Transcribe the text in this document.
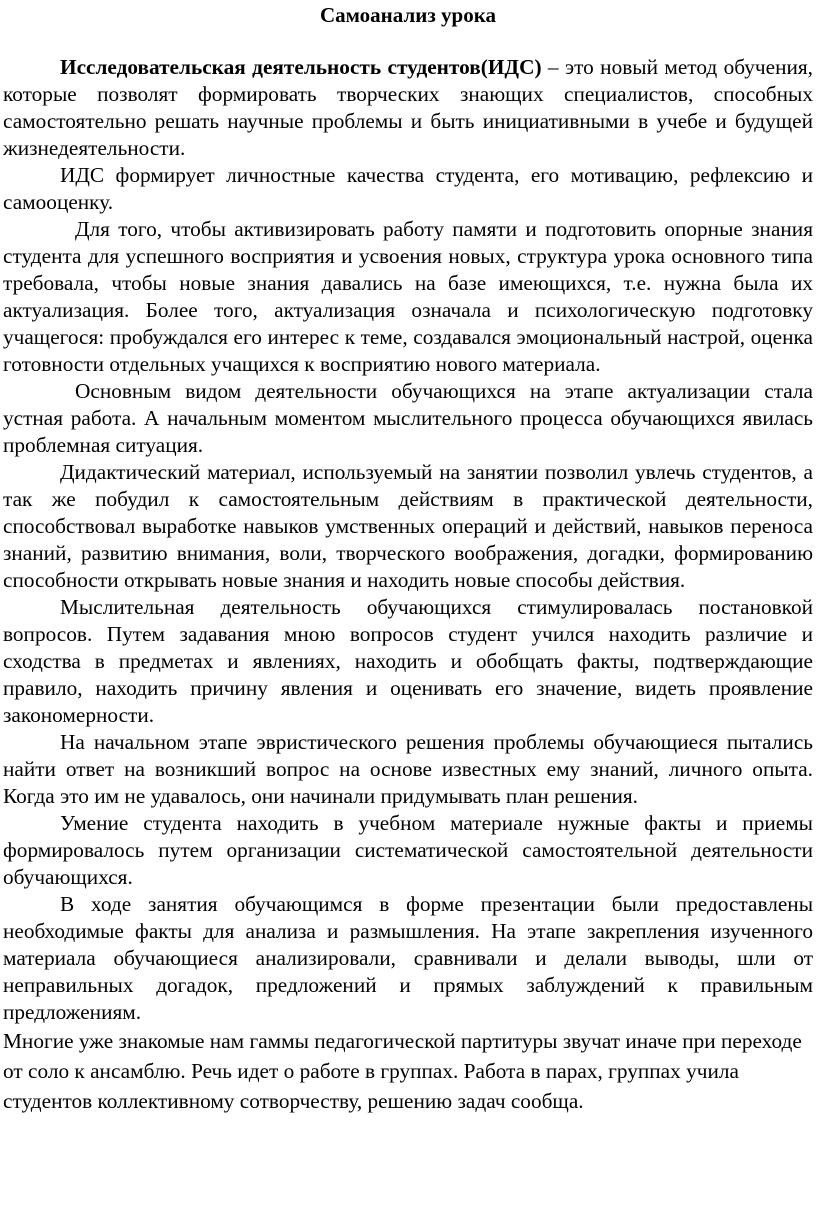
Самоанализ урока

Исследовательская деятельность студентов(ИДС) – это новый метод обучения, которые позволят формировать творческих знающих специалистов, способных самостоятельно решать научные проблемы и быть инициативными в учебе и будущей жизнедеятельности.

ИДС формирует личностные качества студента, его мотивацию, рефлексию и самооценку.

Для того, чтобы активизировать работу памяти и подготовить опорные знания студента для успешного восприятия и усвоения новых, структура урока основного типа требовала, чтобы новые знания давались на базе имеющихся, т.е. нужна была их актуализация. Более того, актуализация означала и психологическую подготовку учащегося: пробуждался его интерес к теме, создавался эмоциональный настрой, оценка готовности отдельных учащихся к восприятию нового материала.

Основным видом деятельности обучающихся на этапе актуализации стала устная работа. А начальным моментом мыслительного процесса обучающихся явилась проблемная ситуация.

Дидактический материал, используемый на занятии позволил увлечь студентов, а так же побудил к самостоятельным действиям в практической деятельности, способствовал выработке навыков умственных операций и действий, навыков переноса знаний, развитию внимания, воли, творческого воображения, догадки, формированию способности открывать новые знания и находить новые способы действия.

Мыслительная деятельность обучающихся стимулировалась постановкой вопросов. Путем задавания мною вопросов студент учился находить различие и сходства в предметах и явлениях, находить и обобщать факты, подтверждающие правило, находить причину явления и оценивать его значение, видеть проявление закономерности.

На начальном этапе эвристического решения проблемы обучающиеся пытались найти ответ на возникший вопрос на основе известных ему знаний, личного опыта. Когда это им не удавалось, они начинали придумывать план решения.

Умение студента находить в учебном материале нужные факты и приемы формировалось путем организации систематической самостоятельной деятельности обучающихся.

В ходе занятия обучающимся в форме презентации были предоставлены необходимые факты для анализа и размышления. На этапе закрепления изученного материала обучающиеся анализировали, сравнивали и делали выводы, шли от неправильных догадок, предложений и прямых заблуждений к правильным предложениям.

Многие уже знакомые нам гаммы педагогической партитуры звучат иначе при переходе от соло к ансамблю. Речь идет о работе в группах. Работа в парах, группах учила студентов коллективному сотворчеству, решению задач сообща.
